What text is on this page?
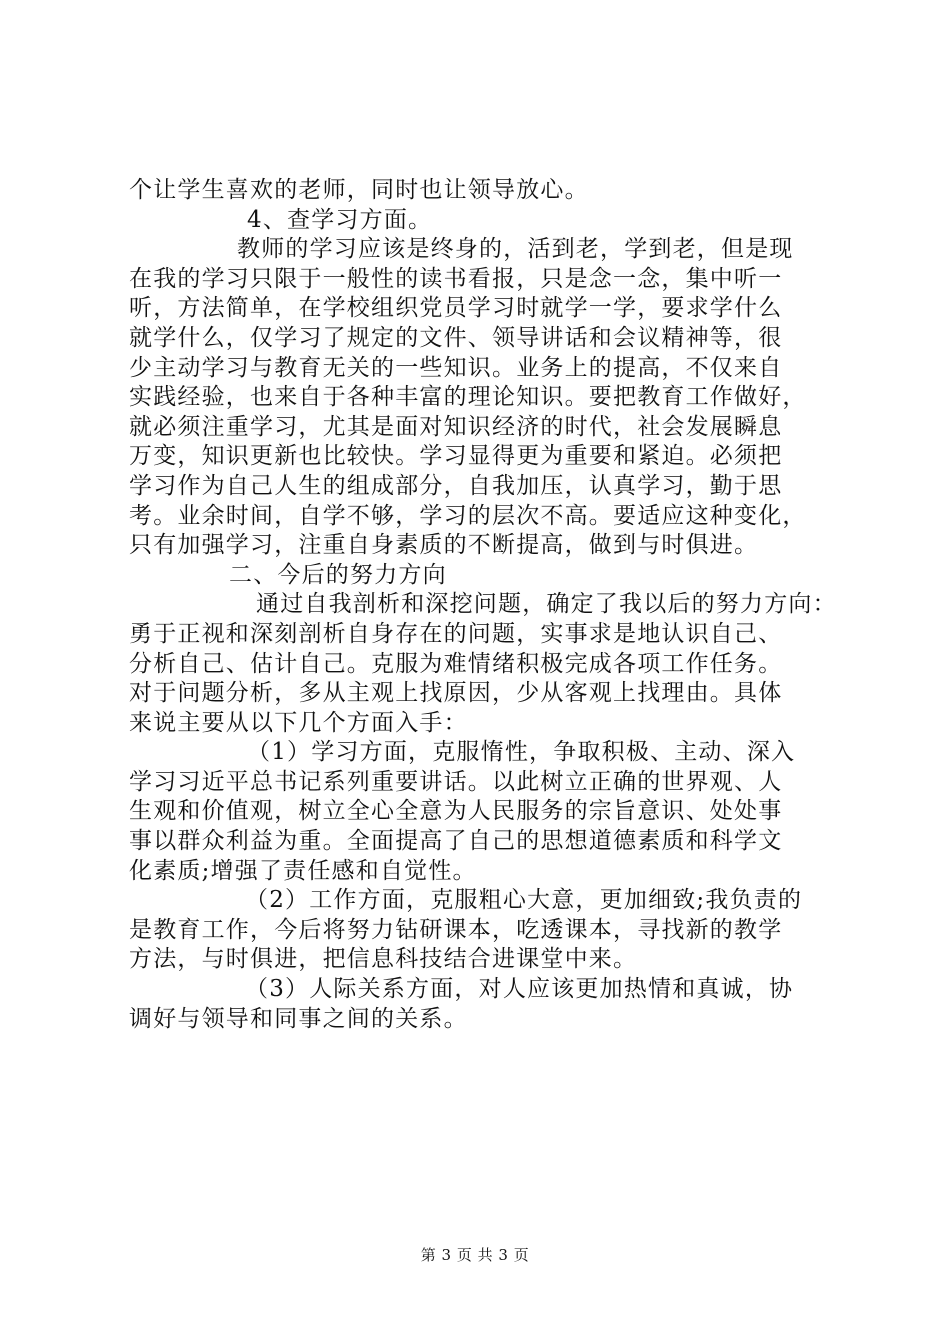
个让学生喜欢的老师，同时也让领导放心。
4、查学习方面。
教师的学习应该是终身的，活到老，学到老，但是现
在我的学习只限于一般性的读书看报，只是念一念，集中听一
听，方法简单，在学校组织党员学习时就学一学，要求学什么
就学什么，仅学习了规定的文件、领导讲话和会议精神等，很
少主动学习与教育无关的一些知识。业务上的提高，不仅来自
实践经验，也来自于各种丰富的理论知识。要把教育工作做好，
就必须注重学习，尤其是面对知识经济的时代，社会发展瞬息
万变，知识更新也比较快。学习显得更为重要和紧迫。必须把
学习作为自己人生的组成部分，自我加压，认真学习，勤于思
考。业余时间，自学不够，学习的层次不高。要适应这种变化，
只有加强学习，注重自身素质的不断提高，做到与时俱进。
二、今后的努力方向
通过自我剖析和深挖问题，确定了我以后的努力方向：
勇于正视和深刻剖析自身存在的问题，实事求是地认识自己、
分析自己、估计自己。克服为难情绪积极完成各项工作任务。
对于问题分析，多从主观上找原因，少从客观上找理由。具体
来说主要从以下几个方面入手：
（1）学习方面，克服惰性，争取积极、主动、深入
学习习近平总书记系列重要讲话。以此树立正确的世界观、人
生观和价值观，树立全心全意为人民服务的宗旨意识、处处事
事以群众利益为重。全面提高了自己的思想道德素质和科学文
化素质;增强了责任感和自觉性。
（2）工作方面，克服粗心大意，更加细致;我负责的
是教育工作，今后将努力钻研课本，吃透课本，寻找新的教学
方法，与时俱进，把信息科技结合进课堂中来。
（3）人际关系方面，对人应该更加热情和真诚，协
调好与领导和同事之间的关系。
第 3 页 共 3 页
